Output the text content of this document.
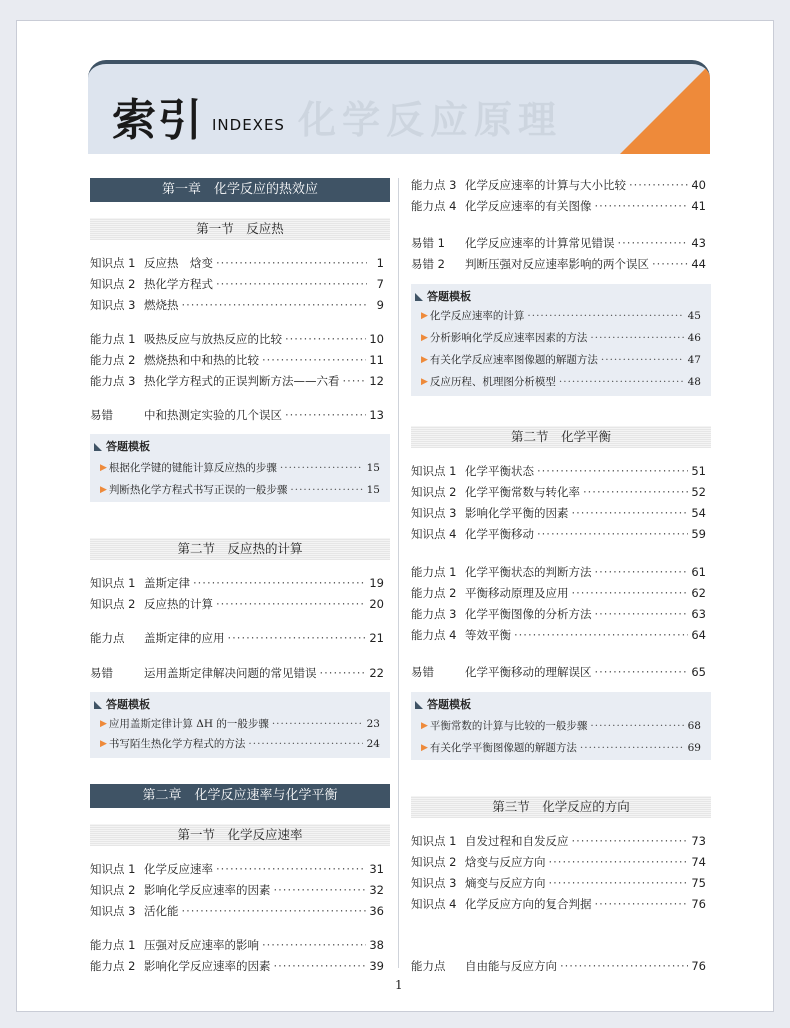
化学反应原理
索引 INDEXES
第一章　化学反应的热效应
第一节　反应热
知识点 1 反应热　焓变 ·····	1
知识点 2 热化学方程式 ·····	7
知识点 3 燃烧热 ·····	9
能力点 1 吸热反应与放热反应的比较 ·····	10
能力点 2 燃烧热和中和热的比较 ·····	11
能力点 3 热化学方程式的正误判断方法——六看 ·····	12
易错	中和热测定实验的几个误区 ·····	13
答题模板
▶ 根据化学键的键能计算反应热的步骤 ·····	15
▶ 判断热化学方程式书写正误的一般步骤 ·····	15
第二节　反应热的计算
知识点 1 盖斯定律 ·····	19
知识点 2 反应热的计算 ·····	20
能力点	盖斯定律的应用 ·····	21
易错	运用盖斯定律解决问题的常见错误 ·····	22
答题模板
▶ 应用盖斯定律计算 ΔH 的一般步骤 ·····	23
▶ 书写陌生热化学方程式的方法 ·····	24
第二章　化学反应速率与化学平衡
第一节　化学反应速率
知识点 1 化学反应速率 ·····	31
知识点 2 影响化学反应速率的因素 ·····	32
知识点 3 活化能 ·····	36
能力点 1 压强对反应速率的影响 ·····	38
能力点 2 影响化学反应速率的因素 ·····	39
能力点 3 化学反应速率的计算与大小比较 ·····	40
能力点 4 化学反应速率的有关图像 ·····	41
易错 1	化学反应速率的计算常见错误 ·····	43
易错 2	判断压强对反应速率影响的两个误区 ·····	44
答题模板
▶ 化学反应速率的计算 ·····	45
▶ 分析影响化学反应速率因素的方法 ·····	46
▶ 有关化学反应速率图像题的解题方法 ·····	47
▶ 反应历程、机理图分析模型 ·····	48
第二节　化学平衡
知识点 1 化学平衡状态 ·····	51
知识点 2 化学平衡常数与转化率 ·····	52
知识点 3 影响化学平衡的因素 ·····	54
知识点 4 化学平衡移动 ·····	59
能力点 1 化学平衡状态的判断方法 ·····	61
能力点 2 平衡移动原理及应用 ·····	62
能力点 3 化学平衡图像的分析方法 ·····	63
能力点 4 等效平衡 ·····	64
易错	化学平衡移动的理解误区 ·····	65
答题模板
▶ 平衡常数的计算与比较的一般步骤 ·····	68
▶ 有关化学平衡图像题的解题方法 ·····	69
第三节　化学反应的方向
知识点 1 自发过程和自发反应 ·····	73
知识点 2 焓变与反应方向 ·····	74
知识点 3 熵变与反应方向 ·····	75
知识点 4 化学反应方向的复合判据 ·····	76
能力点	自由能与反应方向 ·····	76
1
